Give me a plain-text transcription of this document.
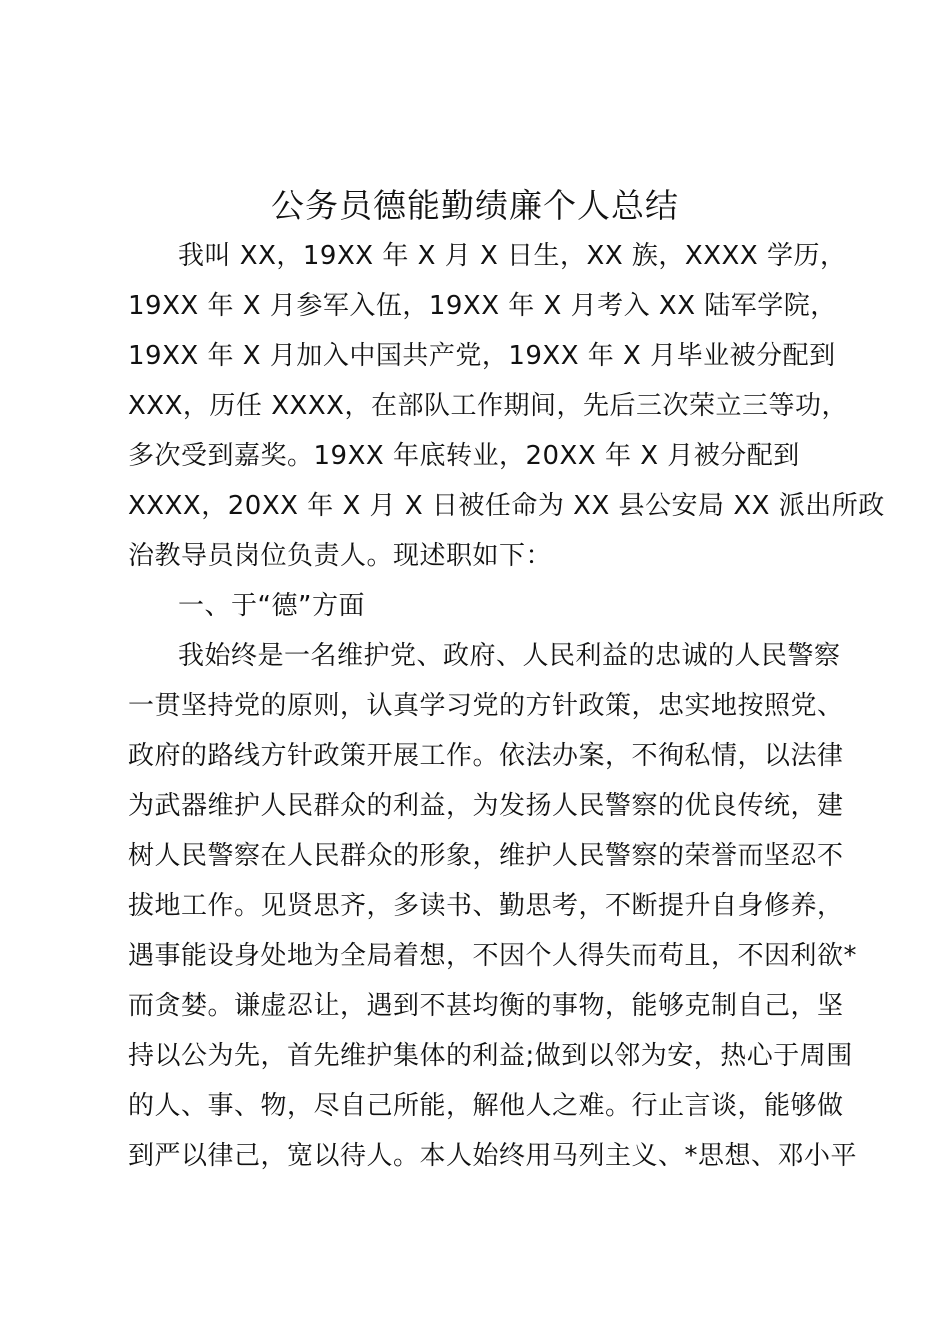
公务员德能勤绩廉个人总结
我叫 XX，19XX 年 X 月 X 日生，XX 族，XXXX 学历，
19XX 年 X 月参军入伍，19XX 年 X 月考入 XX 陆军学院，
19XX 年 X 月加入中国共产党，19XX 年 X 月毕业被分配到
XXX，历任 XXXX，在部队工作期间，先后三次荣立三等功，
多次受到嘉奖。19XX 年底转业，20XX 年 X 月被分配到
XXXX，20XX 年 X 月 X 日被任命为 XX 县公安局 XX 派出所政
治教导员岗位负责人。现述职如下：
一、于“德”方面
我始终是一名维护党、政府、人民利益的忠诚的人民警察
一贯坚持党的原则，认真学习党的方针政策，忠实地按照党、
政府的路线方针政策开展工作。依法办案，不徇私情，以法律
为武器维护人民群众的利益，为发扬人民警察的优良传统，建
树人民警察在人民群众的形象，维护人民警察的荣誉而坚忍不
拔地工作。见贤思齐，多读书、勤思考，不断提升自身修养，
遇事能设身处地为全局着想，不因个人得失而苟且，不因利欲*
而贪婪。谦虚忍让，遇到不甚均衡的事物，能够克制自己，坚
持以公为先，首先维护集体的利益;做到以邻为安，热心于周围
的人、事、物，尽自己所能，解他人之难。行止言谈，能够做
到严以律己，宽以待人。本人始终用马列主义、*思想、邓小平
